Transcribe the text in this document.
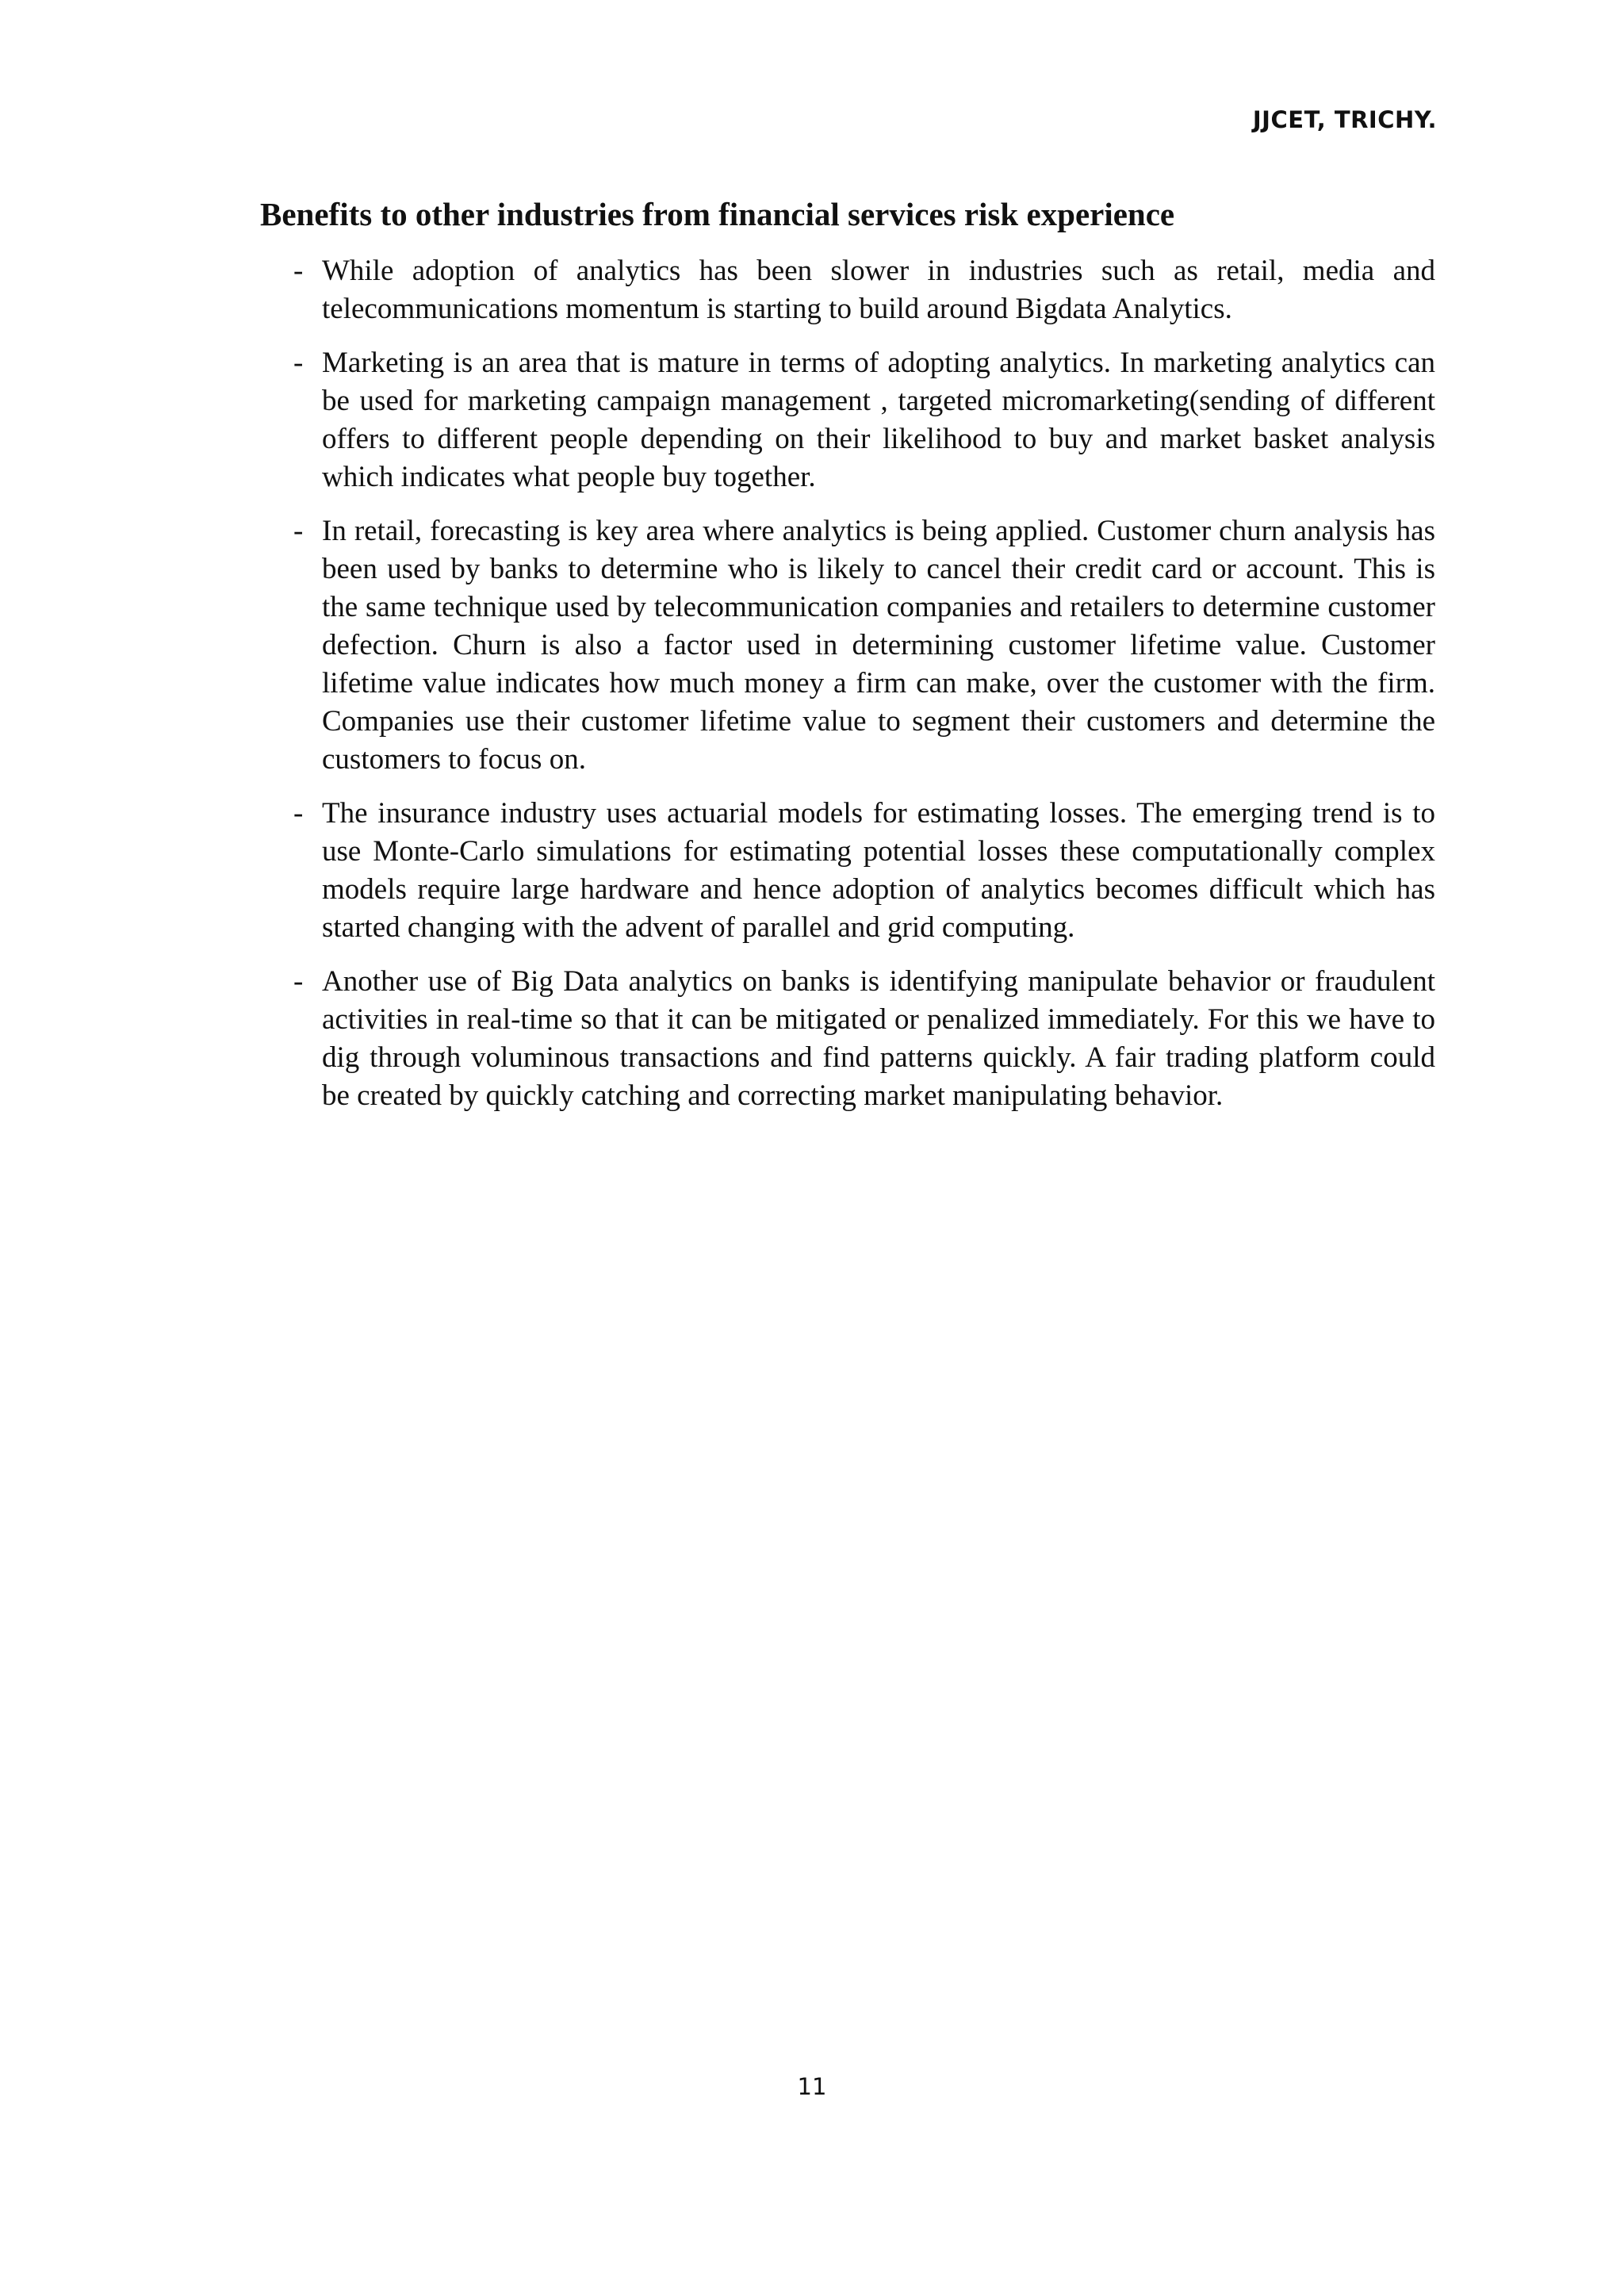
JJCET, TRICHY.
Benefits to other industries from financial services risk experience
- While adoption of analytics has been slower in industries such as retail, media and telecommunications momentum is starting to build around Bigdata Analytics.
- Marketing is an area that is mature in terms of adopting analytics. In marketing analytics can be used for marketing campaign management , targeted micromarketing(sending of different offers to different people depending on their likelihood to buy and market basket analysis which indicates what people buy together.
- In retail, forecasting is key area where analytics is being applied. Customer churn analysis has been used by banks to determine who is likely to cancel their credit card or account. This is the same technique used by telecommunication companies and retailers to determine customer defection. Churn is also a factor used in determining customer lifetime value. Customer lifetime value indicates how much money a firm can make, over the customer with the firm. Companies use their customer lifetime value to segment their customers and determine the customers to focus on.
- The insurance industry uses actuarial models for estimating losses. The emerging trend is to use Monte-Carlo simulations for estimating potential losses these computationally complex models require large hardware and hence adoption of analytics becomes difficult which has started changing with the advent of parallel and grid computing.
- Another use of Big Data analytics on banks is identifying manipulate behavior or fraudulent activities in real-time so that it can be mitigated or penalized immediately. For this we have to dig through voluminous transactions and find patterns quickly. A fair trading platform could be created by quickly catching and correcting market manipulating behavior.
11
